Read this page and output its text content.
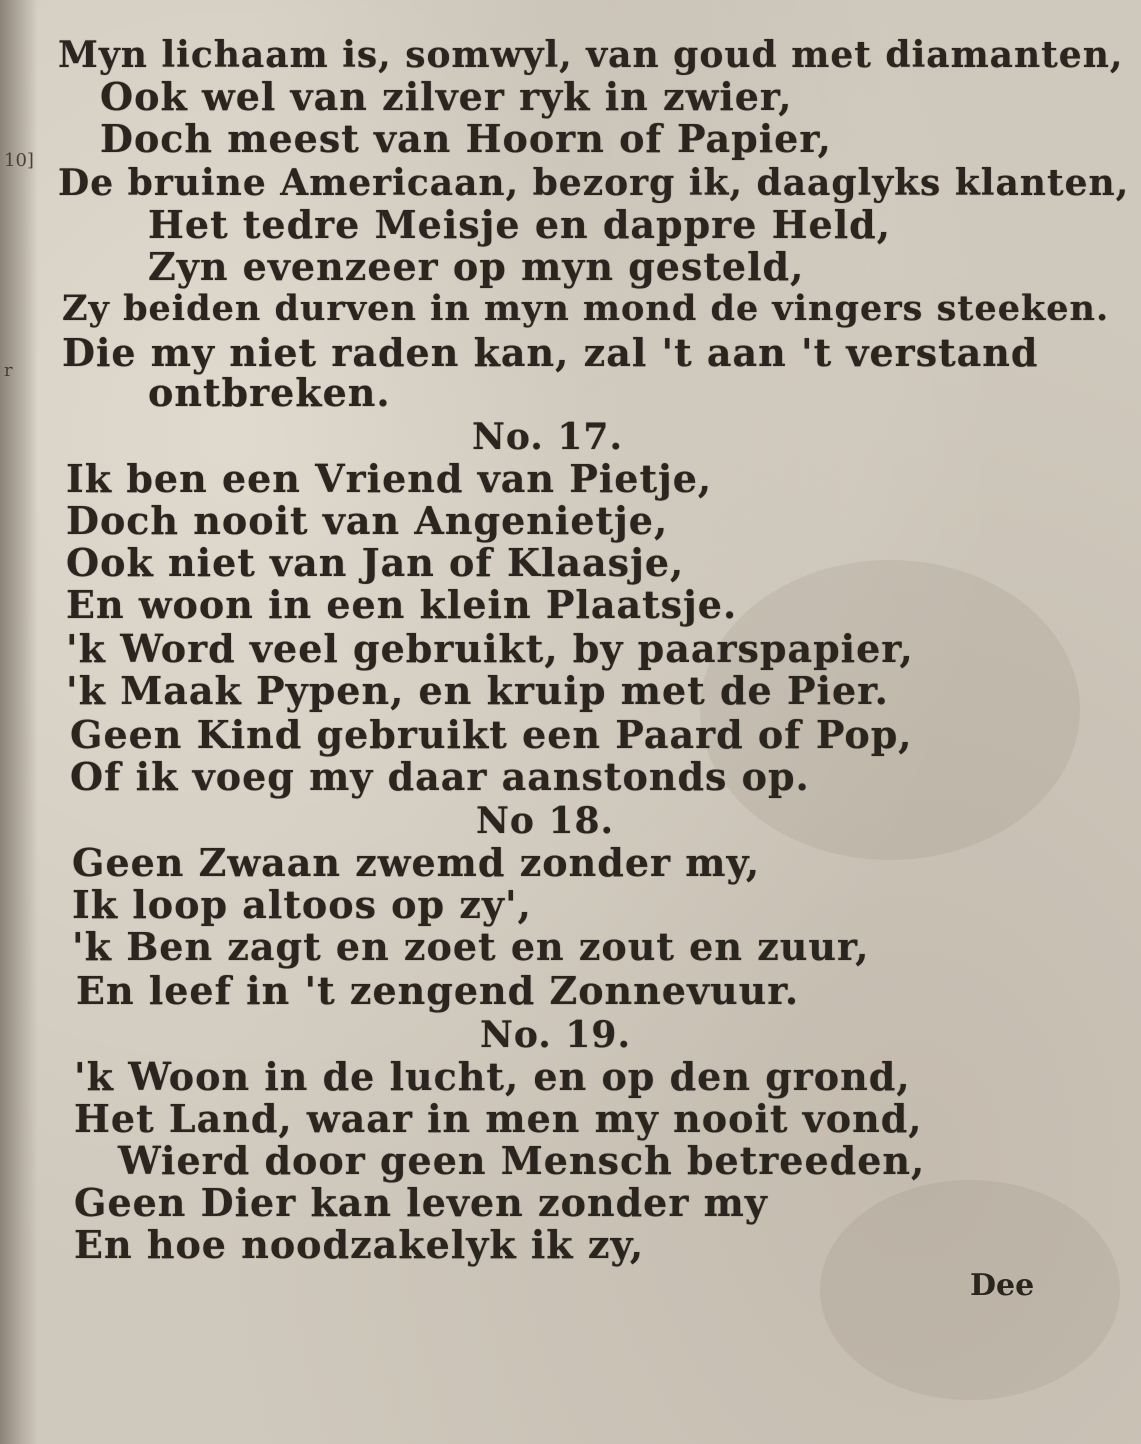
10]
r
Myn lichaam is, somwyl, van goud met diamanten,
Ook wel van zilver ryk in zwier,
Doch meest van Hoorn of Papier,
De bruine Americaan, bezorg ik, daaglyks klanten,
Het tedre Meisje en dappre Held,
Zyn evenzeer op myn gesteld,
Zy beiden durven in myn mond de vingers steeken.
Die my niet raden kan, zal 't aan 't verstand
ontbreken.
No. 17.
Ik ben een Vriend van Pietje,
Doch nooit van Angenietje,
Ook niet van Jan of Klaasje,
En woon in een klein Plaatsje.
'k Word veel gebruikt, by paarspapier,
'k Maak Pypen, en kruip met de Pier.
Geen Kind gebruikt een Paard of Pop,
Of ik voeg my daar aanstonds op.
No 18.
Geen Zwaan zwemd zonder my,
Ik loop altoos op zy',
'k Ben zagt en zoet en zout en zuur,
En leef in 't zengend Zonnevuur.
No. 19.
'k Woon in de lucht, en op den grond,
Het Land, waar in men my nooit vond,
Wierd door geen Mensch betreeden,
Geen Dier kan leven zonder my
En hoe noodzakelyk ik zy,
Dee
